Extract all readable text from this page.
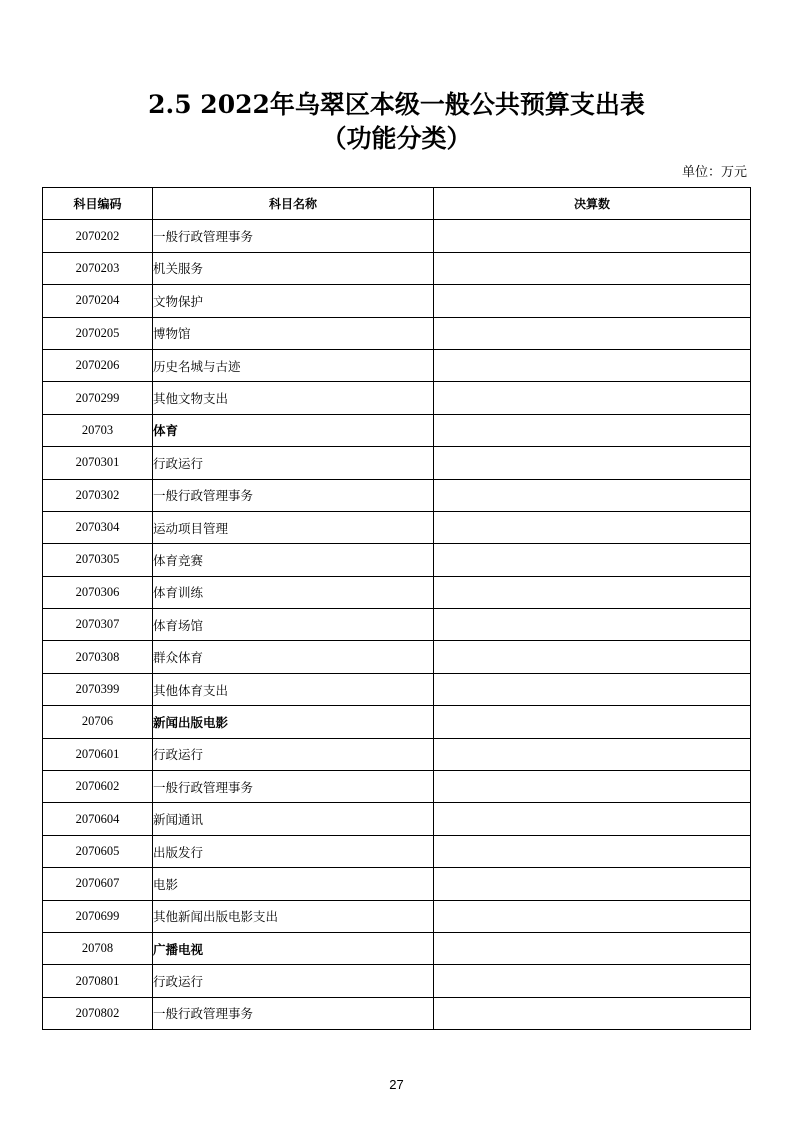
2.5 2022年乌翠区本级一般公共预算支出表
（功能分类）
单位：万元
科目编码	科目名称	决算数
2070202	一般行政管理事务	
2070203	机关服务	
2070204	文物保护	
2070205	博物馆	
2070206	历史名城与古迹	
2070299	其他文物支出	
20703	体育	
2070301	行政运行	
2070302	一般行政管理事务	
2070304	运动项目管理	
2070305	体育竞赛	
2070306	体育训练	
2070307	体育场馆	
2070308	群众体育	
2070399	其他体育支出	
20706	新闻出版电影	
2070601	行政运行	
2070602	一般行政管理事务	
2070604	新闻通讯	
2070605	出版发行	
2070607	电影	
2070699	其他新闻出版电影支出	
20708	广播电视	
2070801	行政运行	
2070802	一般行政管理事务	
27
